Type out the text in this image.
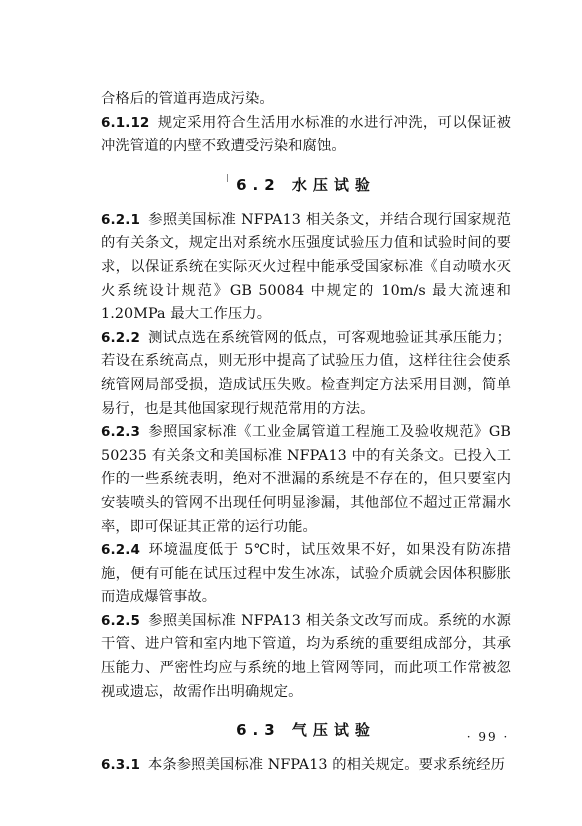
合格后的管道再造成污染。

6.1.12 规定采用符合生活用水标准的水进行冲洗，可以保证被冲洗管道的内壁不致遭受污染和腐蚀。

6.2 水压试验

6.2.1 参照美国标准 NFPA13 相关条文，并结合现行国家规范的有关条文，规定出对系统水压强度试验压力值和试验时间的要求，以保证系统在实际灭火过程中能承受国家标准《自动喷水灭火系统设计规范》GB 50084 中规定的 10m/s 最大流速和 1.20MPa 最大工作压力。

6.2.2 测试点选在系统管网的低点，可客观地验证其承压能力；若设在系统高点，则无形中提高了试验压力值，这样往往会使系统管网局部受损，造成试压失败。检查判定方法采用目测，简单易行，也是其他国家现行规范常用的方法。

6.2.3 参照国家标准《工业金属管道工程施工及验收规范》GB 50235 有关条文和美国标准 NFPA13 中的有关条文。已投入工作的一些系统表明，绝对不泄漏的系统是不存在的，但只要室内安装喷头的管网不出现任何明显渗漏，其他部位不超过正常漏水率，即可保证其正常的运行功能。

6.2.4 环境温度低于 5℃时，试压效果不好，如果没有防冻措施，便有可能在试压过程中发生冰冻，试验介质就会因体积膨胀而造成爆管事故。

6.2.5 参照美国标准 NFPA13 相关条文改写而成。系统的水源干管、进户管和室内地下管道，均为系统的重要组成部分，其承压能力、严密性均应与系统的地上管网等同，而此项工作常被忽视或遗忘，故需作出明确规定。

6.3 气压试验

6.3.1 本条参照美国标准 NFPA13 的相关规定。要求系统经历

· 99 ·
